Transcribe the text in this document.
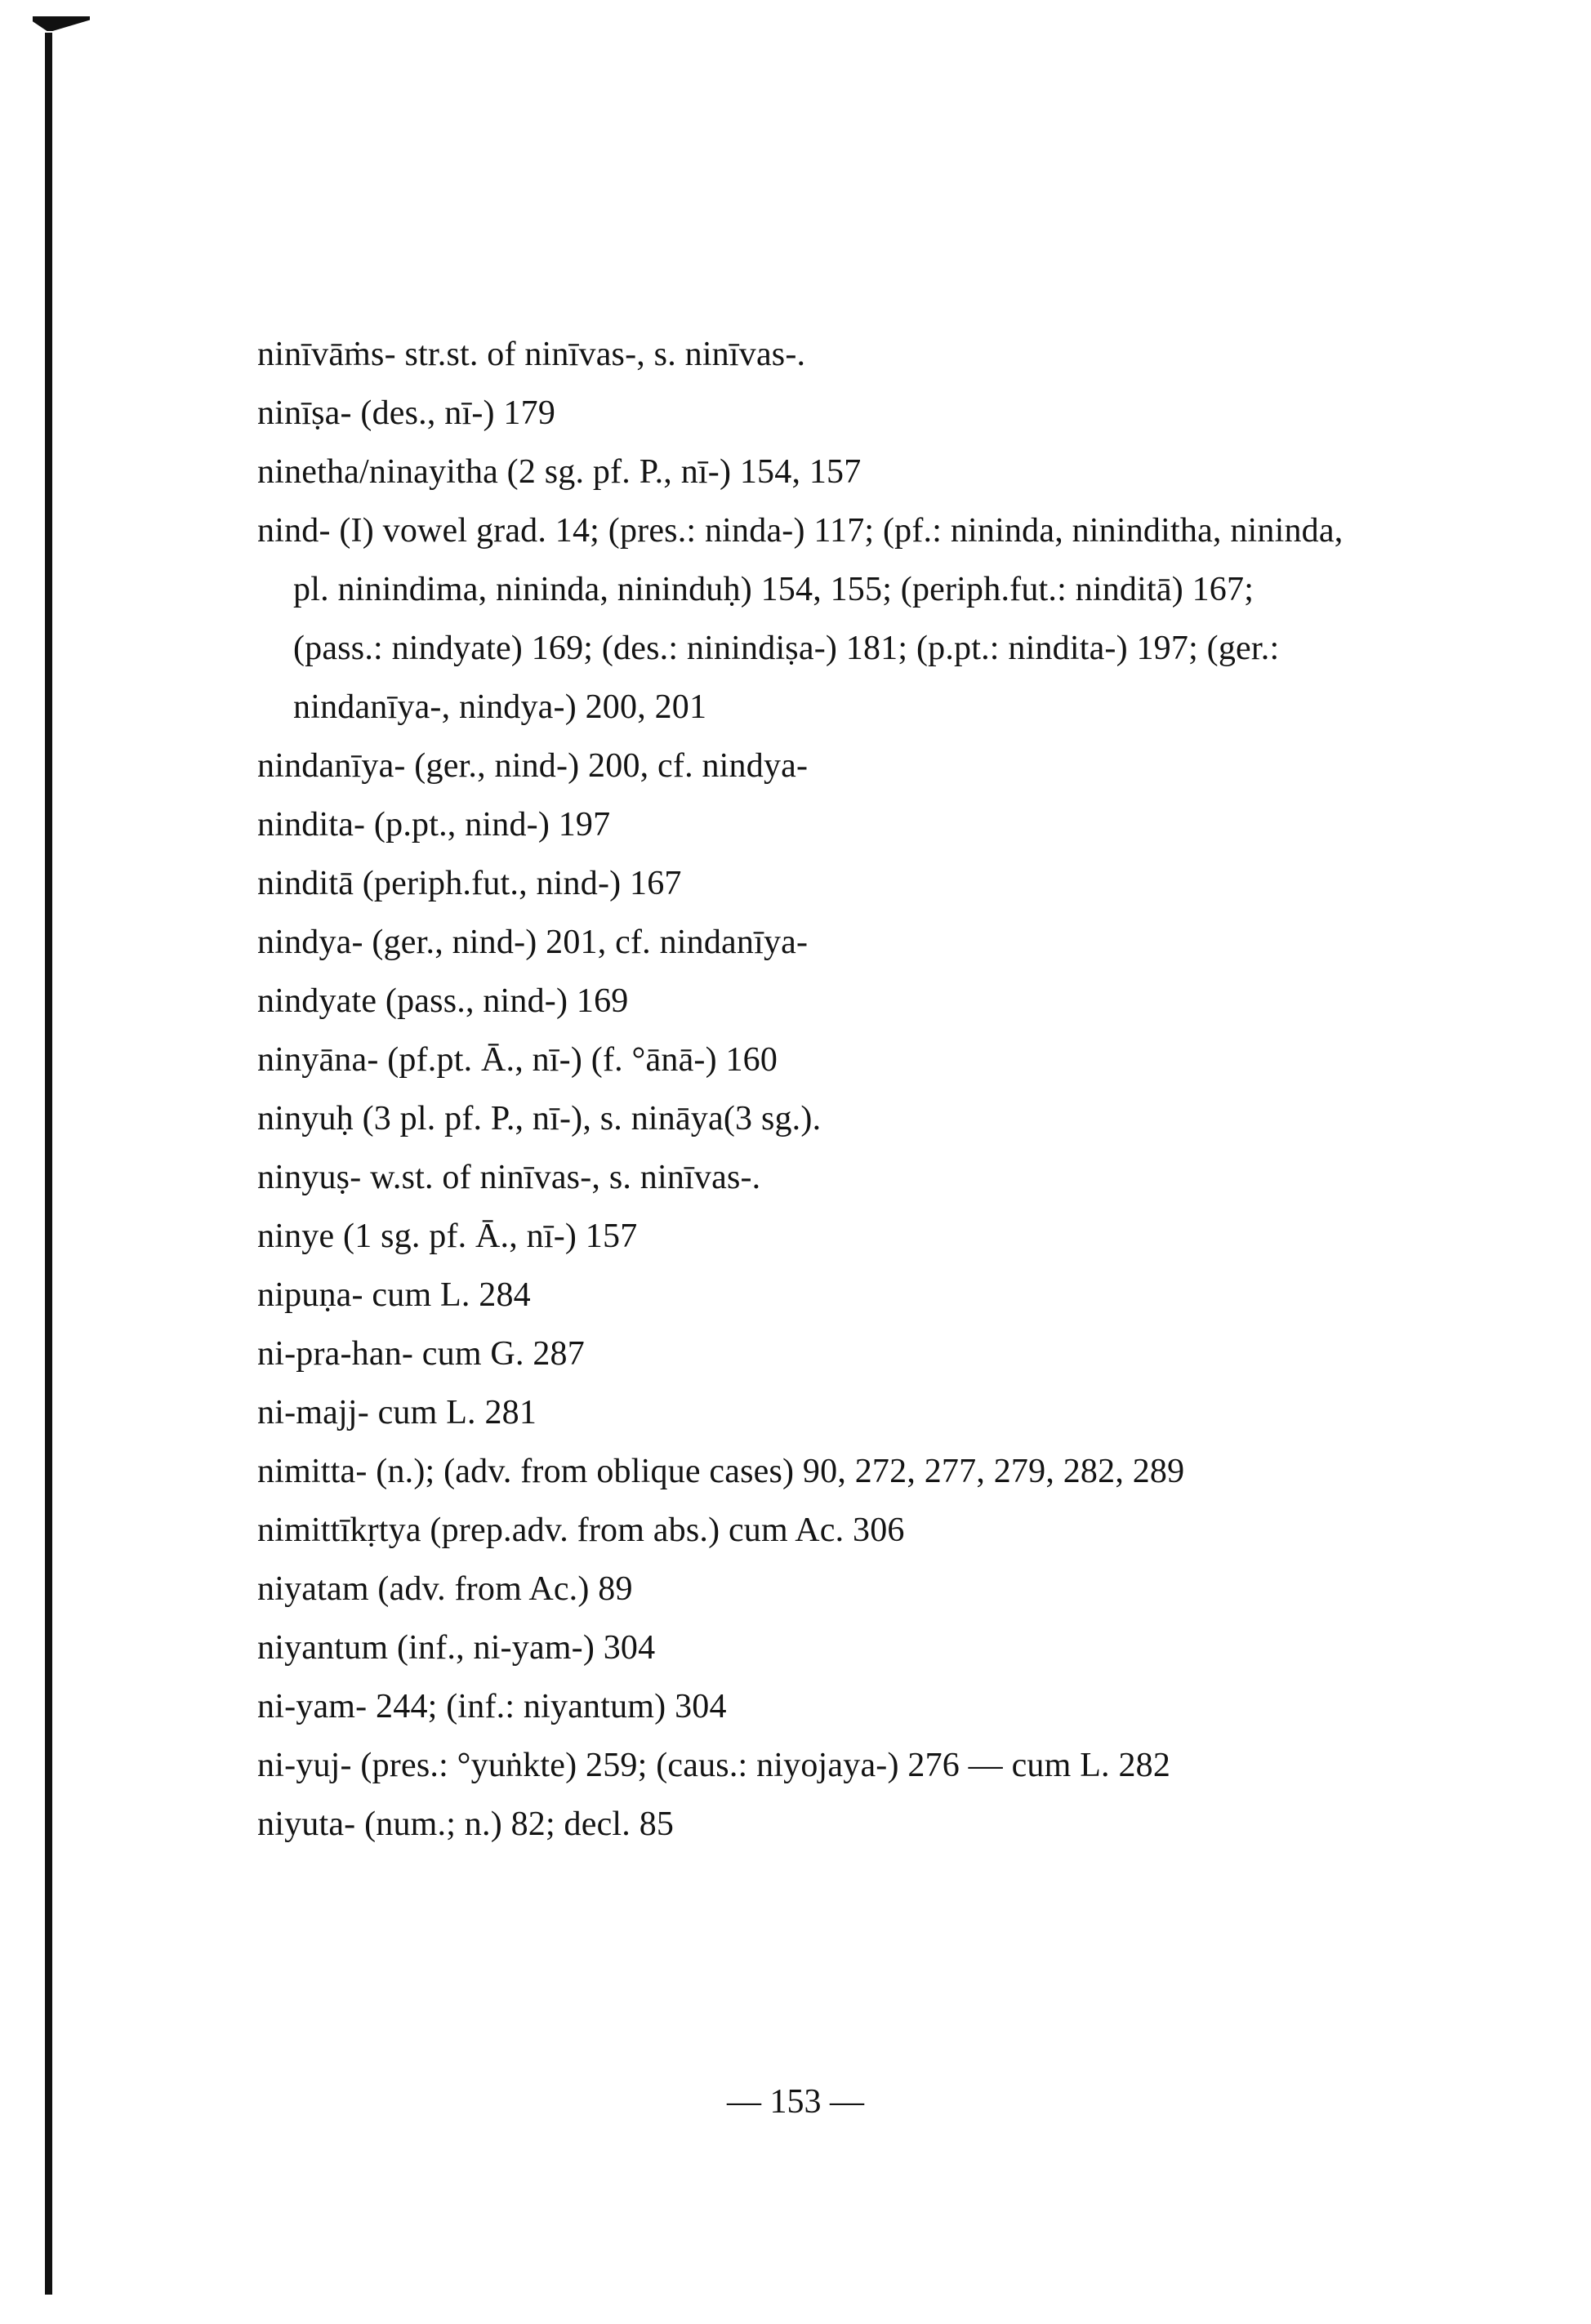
ninīvāṁs- str.st. of ninīvas-, s. ninīvas-.
ninīṣa- (des., nī-) 179
ninetha/ninayitha (2 sg. pf. P., nī-) 154, 157
nind- (I) vowel grad. 14; (pres.: ninda-) 117; (pf.: nininda, nininditha, nininda, pl. ninindima, nininda, nininduḥ) 154, 155; (periph.fut.: ninditā) 167; (pass.: nindyate) 169; (des.: ninindiṣa-) 181; (p.pt.: nindita-) 197; (ger.: nindanīya-, nindya-) 200, 201
nindanīya- (ger., nind-) 200, cf. nindya-
nindita- (p.pt., nind-) 197
ninditā (periph.fut., nind-) 167
nindya- (ger., nind-) 201, cf. nindanīya-
nindyate (pass., nind-) 169
ninyāna- (pf.pt. Ā., nī-) (f. °ānā-) 160
ninyuḥ (3 pl. pf. P., nī-), s. nināya(3 sg.).
ninyuṣ- w.st. of ninīvas-, s. ninīvas-.
ninye (1 sg. pf. Ā., nī-) 157
nipuṇa- cum L. 284
ni-pra-han- cum G. 287
ni-majj- cum L. 281
nimitta- (n.); (adv. from oblique cases) 90, 272, 277, 279, 282, 289
nimittīkṛtya (prep.adv. from abs.) cum Ac. 306
niyatam (adv. from Ac.) 89
niyantum (inf., ni-yam-) 304
ni-yam- 244; (inf.: niyantum) 304
ni-yuj- (pres.: °yuṅkte) 259; (caus.: niyojaya-) 276 — cum L. 282
niyuta- (num.; n.) 82; decl. 85
— 153 —
